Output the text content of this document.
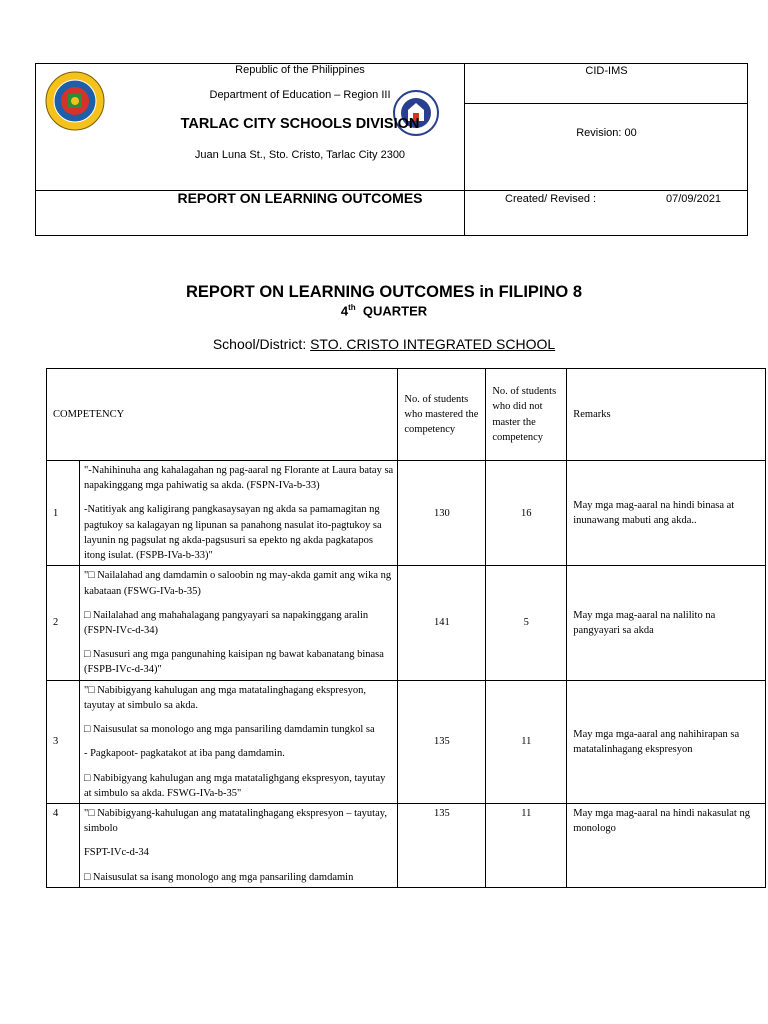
Republic of the Philippines
Department of Education – Region III
TARLAC CITY SCHOOLS DIVISION
Juan Luna St., Sto. Cristo, Tarlac City 2300
REPORT ON LEARNING OUTCOMES
CID-IMS
Revision: 00
Created/ Revised :	07/09/2021
REPORT ON LEARNING OUTCOMES in FILIPINO 8
4th QUARTER
School/District: STO. CRISTO INTEGRATED SCHOOL
COMPETENCY		No. of students who mastered the competency	No. of students who did not master the competency	Remarks
1	"-Nahihinuha ang kahalagahan ng pag-aaral ng Florante at Laura batay sa napakinggang mga pahiwatig sa akda. (FSPN-IVa-b-33)

-Natitiyak ang kaligirang pangkasaysayan ng akda sa pamamagitan ng pagtukoy sa kalagayan ng lipunan sa panahong nasulat ito-pagtukoy sa layunin ng pagsulat ng akda-pagsusuri sa epekto ng akda pagkatapos itong isulat. (FSPB-IVa-b-33)"	130	16	May mga mag-aaral na hindi binasa at inunawang mabuti ang akda..
2	"□ Nailalahad ang damdamin o saloobin ng may-akda gamit ang wika ng kabataan (FSWG-IVa-b-35)

□ Nailalahad ang mahahalagang pangyayari sa napakinggang aralin (FSPN-IVc-d-34)

□ Nasusuri ang mga pangunahing kaisipan ng bawat kabanatang binasa (FSPB-IVc-d-34)"	141	5	May mga mag-aaral na nalilito na pangyayari sa akda
3	"□ Nabibigyang kahulugan ang mga matatalinghagang ekspresyon, tayutay at simbulo sa akda.

□ Naisusulat sa monologo ang mga pansariling damdamin tungkol sa

- Pagkapoot- pagkatakot at iba pang damdamin.

□ Nabibigyang kahulugan ang mga matatalighgang ekspresyon, tayutay at simbulo sa akda. FSWG-IVa-b-35"	135	11	May mga mga-aaral ang nahihirapan sa matatalinhagang ekspresyon
4	"□ Nabibigyang-kahulugan ang matatalinghagang ekspresyon – tayutay, simbolo

FSPT-IVc-d-34

□ Naisusulat sa isang monologo ang mga pansariling damdamin	135	11	May mga mag-aaral na hindi nakasulat ng monologo
